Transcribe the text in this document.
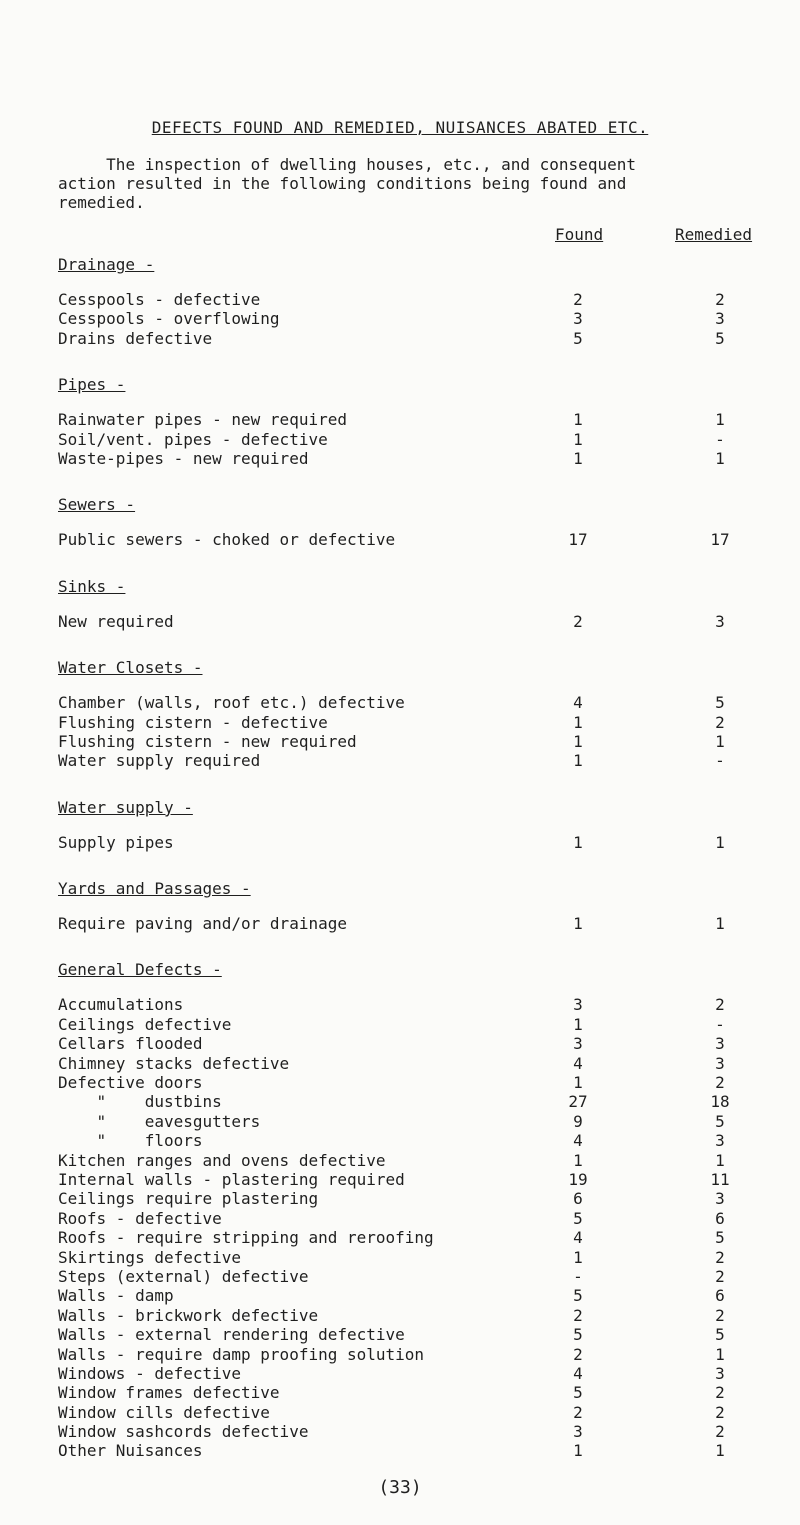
DEFECTS FOUND AND REMEDIED, NUISANCES ABATED ETC.
The inspection of dwelling houses, etc., and consequent
action resulted in the following conditions being found and
remedied.
Found	Remedied
Drainage -
Cesspools - defective	2	2
Cesspools - overflowing	3	3
Drains defective	5	5
Pipes -
Rainwater pipes - new required	1	1
Soil/vent. pipes - defective	1	-
Waste-pipes - new required	1	1
Sewers -
Public sewers - choked or defective	17	17
Sinks -
New required	2	3
Water Closets -
Chamber (walls, roof etc.) defective	4	5
Flushing cistern - defective	1	2
Flushing cistern - new required	1	1
Water supply required	1	-
Water supply -
Supply pipes	1	1
Yards and Passages -
Require paving and/or drainage	1	1
General Defects -
Accumulations	3	2
Ceilings defective	1	-
Cellars flooded	3	3
Chimney stacks defective	4	3
Defective doors	1	2
"    dustbins	27	18
"    eavesgutters	9	5
"    floors	4	3
Kitchen ranges and ovens defective	1	1
Internal walls - plastering required	19	11
Ceilings require plastering	6	3
Roofs - defective	5	6
Roofs - require stripping and reroofing	4	5
Skirtings defective	1	2
Steps (external) defective	-	2
Walls - damp	5	6
Walls - brickwork defective	2	2
Walls - external rendering defective	5	5
Walls - require damp proofing solution	2	1
Windows - defective	4	3
Window frames defective	5	2
Window cills defective	2	2
Window sashcords defective	3	2
Other Nuisances	1	1
(33)
